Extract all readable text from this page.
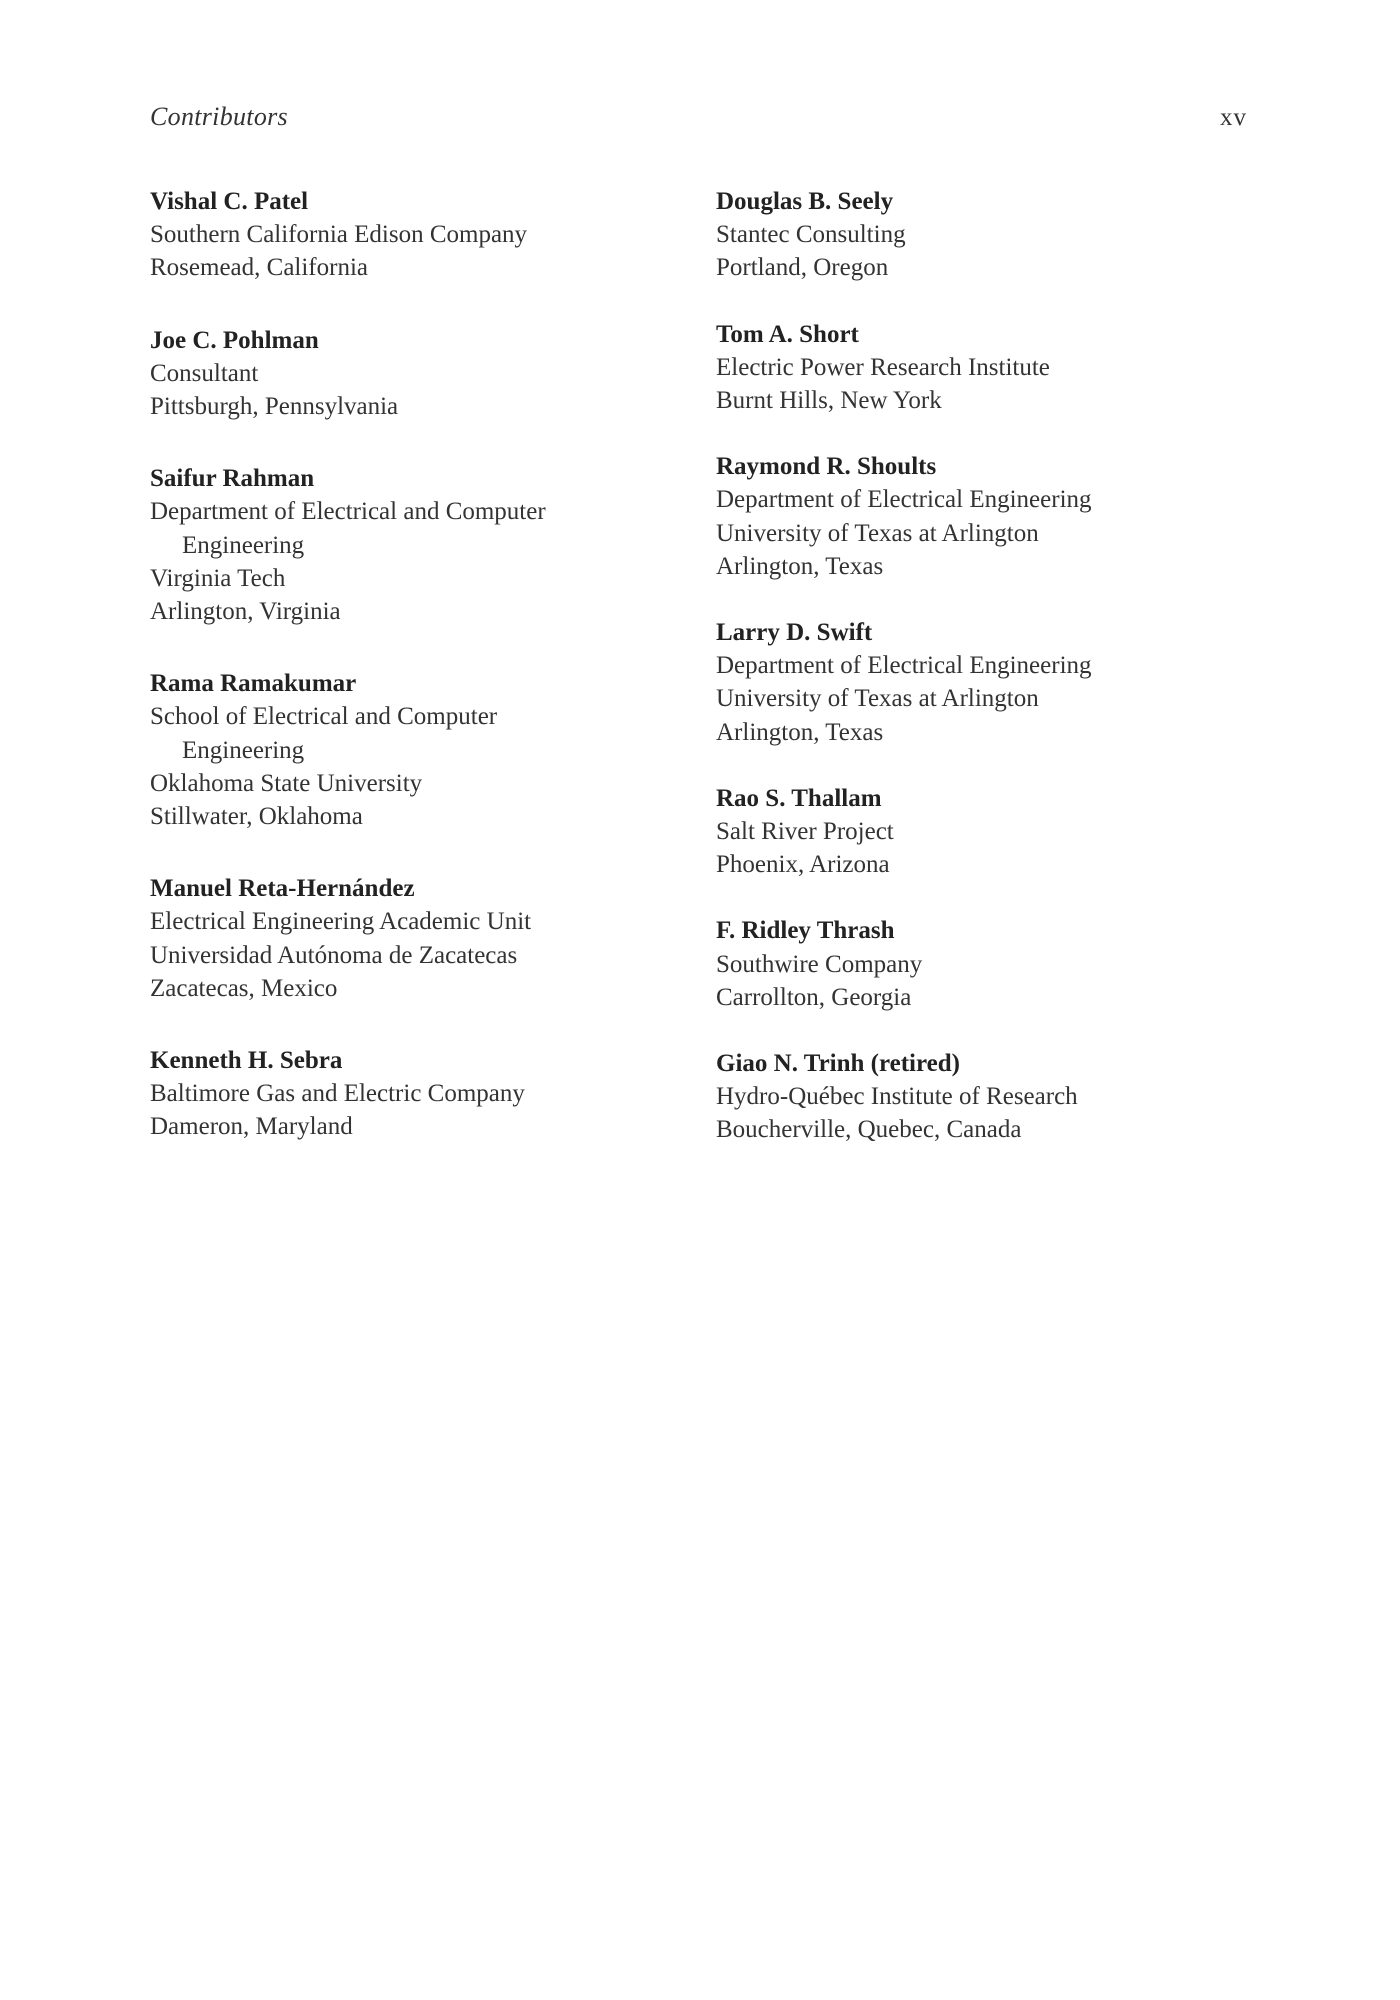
Contributors	xv

Vishal C. Patel
Southern California Edison Company
Rosemead, California

Joe C. Pohlman
Consultant
Pittsburgh, Pennsylvania

Saifur Rahman
Department of Electrical and Computer
Engineering
Virginia Tech
Arlington, Virginia

Rama Ramakumar
School of Electrical and Computer
Engineering
Oklahoma State University
Stillwater, Oklahoma

Manuel Reta-Hernández
Electrical Engineering Academic Unit
Universidad Autónoma de Zacatecas
Zacatecas, Mexico

Kenneth H. Sebra
Baltimore Gas and Electric Company
Dameron, Maryland

Douglas B. Seely
Stantec Consulting
Portland, Oregon

Tom A. Short
Electric Power Research Institute
Burnt Hills, New York

Raymond R. Shoults
Department of Electrical Engineering
University of Texas at Arlington
Arlington, Texas

Larry D. Swift
Department of Electrical Engineering
University of Texas at Arlington
Arlington, Texas

Rao S. Thallam
Salt River Project
Phoenix, Arizona

F. Ridley Thrash
Southwire Company
Carrollton, Georgia

Giao N. Trinh (retired)
Hydro-Québec Institute of Research
Boucherville, Quebec, Canada
